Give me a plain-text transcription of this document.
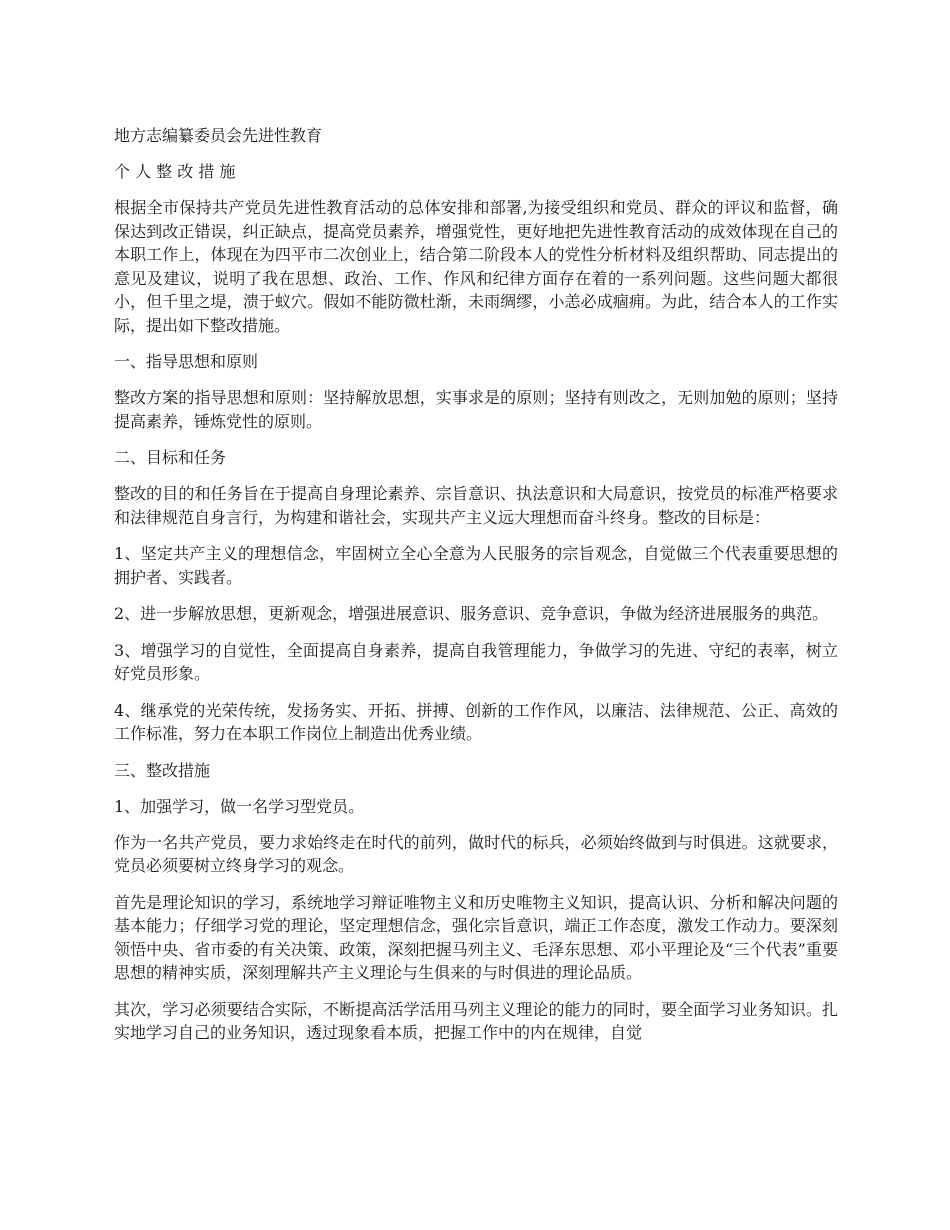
地方志编纂委员会先进性教育

个 人 整 改 措 施

根据全市保持共产党员先进性教育活动的总体安排和部署,为接受组织和党员、群众的评议和监督，确保达到改正错误，纠正缺点，提高党员素养，增强党性，更好地把先进性教育活动的成效体现在自己的本职工作上，体现在为四平市二次创业上，结合第二阶段本人的党性分析材料及组织帮助、同志提出的意见及建议，说明了我在思想、政治、工作、作风和纪律方面存在着的一系列问题。这些问题大都很小，但千里之堤，溃于蚁穴。假如不能防微杜渐，未雨绸缪，小恙必成痼痈。为此，结合本人的工作实际，提出如下整改措施。

一、指导思想和原则

整改方案的指导思想和原则：坚持解放思想，实事求是的原则；坚持有则改之，无则加勉的原则；坚持提高素养，锤炼党性的原则。

二、目标和任务

整改的目的和任务旨在于提高自身理论素养、宗旨意识、执法意识和大局意识，按党员的标准严格要求和法律规范自身言行，为构建和谐社会，实现共产主义远大理想而奋斗终身。整改的目标是：

1、坚定共产主义的理想信念，牢固树立全心全意为人民服务的宗旨观念，自觉做三个代表重要思想的拥护者、实践者。

2、进一步解放思想，更新观念，增强进展意识、服务意识、竞争意识，争做为经济进展服务的典范。

3、增强学习的自觉性，全面提高自身素养，提高自我管理能力，争做学习的先进、守纪的表率，树立好党员形象。

4、继承党的光荣传统，发扬务实、开拓、拼搏、创新的工作作风，以廉洁、法律规范、公正、高效的工作标准，努力在本职工作岗位上制造出优秀业绩。

三、整改措施

1、加强学习，做一名学习型党员。

作为一名共产党员，要力求始终走在时代的前列，做时代的标兵，必须始终做到与时俱进。这就要求，党员必须要树立终身学习的观念。

首先是理论知识的学习，系统地学习辩证唯物主义和历史唯物主义知识，提高认识、分析和解决问题的基本能力；仔细学习党的理论，坚定理想信念，强化宗旨意识，端正工作态度，激发工作动力。要深刻领悟中央、省市委的有关决策、政策，深刻把握马列主义、毛泽东思想、邓小平理论及“三个代表”重要思想的精神实质，深刻理解共产主义理论与生俱来的与时俱进的理论品质。

其次，学习必须要结合实际，不断提高活学活用马列主义理论的能力的同时，要全面学习业务知识。扎实地学习自己的业务知识，透过现象看本质，把握工作中的内在规律，自觉
